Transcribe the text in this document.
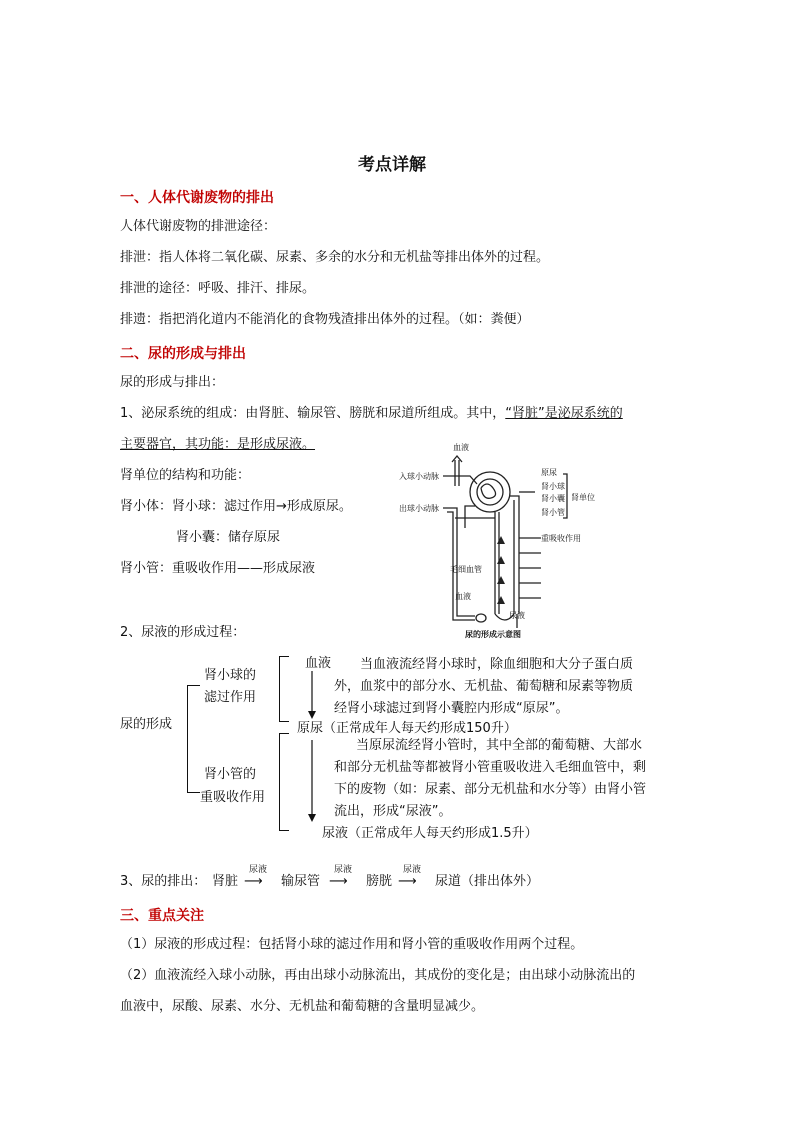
考点详解
一、人体代谢废物的排出
人体代谢废物的排泄途径：
排泄：指人体将二氧化碳、尿素、多余的水分和无机盐等排出体外的过程。
排泄的途径：呼吸、排汗、排尿。
排遗：指把消化道内不能消化的食物残渣排出体外的过程。（如：粪便）
二、尿的形成与排出
尿的形成与排出：
1、泌尿系统的组成：由肾脏、输尿管、膀胱和尿道所组成。其中，“肾脏”是泌尿系统的
主要器官，其功能：是形成尿液。
肾单位的结构和功能：
肾小体：肾小球：滤过作用→形成原尿。
肾小囊：储存原尿
肾小管：重吸收作用——形成尿液
2、尿液的形成过程：
血液
入球小动脉
出球小动脉
原尿
肾小球
肾小囊
肾小管
肾单位
重吸收作用
毛细血管
血液
尿液
尿的形成示意图
尿的形成
肾小球的
滤过作用
肾小管的
重吸收作用
血液 当血液流经肾小球时，除血细胞和大分子蛋白质
外，血浆中的部分水、无机盐、葡萄糖和尿素等物质
经肾小球滤过到肾小囊腔内形成“原尿”。
原尿（正常成年人每天约形成150升）
当原尿流经肾小管时，其中全部的葡萄糖、大部水
和部分无机盐等都被肾小管重吸收进入毛细血管中，剩
下的废物（如：尿素、部分无机盐和水分等）由肾小管
流出，形成“尿液”。
尿液（正常成年人每天约形成1.5升）
3、尿的排出： 肾脏
尿液
⟶ 输尿管
尿液
⟶ 膀胱
尿液
⟶ 尿道（排出体外）
三、重点关注
（1）尿液的形成过程：包括肾小球的滤过作用和肾小管的重吸收作用两个过程。
（2）血液流经入球小动脉，再由出球小动脉流出，其成份的变化是；由出球小动脉流出的
血液中，尿酸、尿素、水分、无机盐和葡萄糖的含量明显减少。
